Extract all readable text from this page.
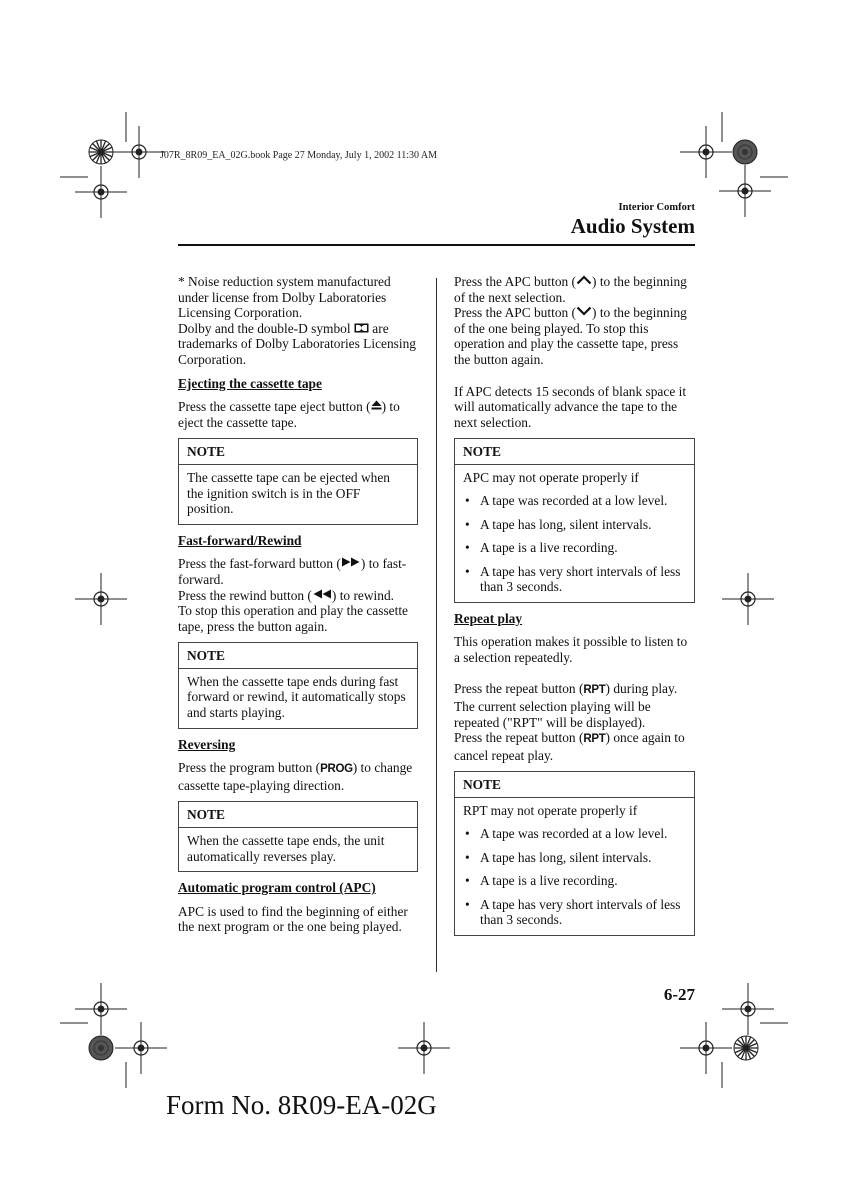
J07R_8R09_EA_02G.book Page 27 Monday, July 1, 2002 11:30 AM
Interior Comfort
Audio System

* Noise reduction system manufactured under license from Dolby Laboratories Licensing Corporation.

Dolby and the double-D symbol are trademarks of Dolby Laboratories Licensing Corporation.

Ejecting the cassette tape

Press the cassette tape eject button ( ) to eject the cassette tape.

NOTE
The cassette tape can be ejected when the ignition switch is in the OFF position.

Fast-forward/Rewind

Press the fast-forward button ( ) to fast-forward.

Press the rewind button ( ) to rewind.

To stop this operation and play the cassette tape, press the button again.

NOTE
When the cassette tape ends during fast forward or rewind, it automatically stops and starts playing.

Reversing

Press the program button (PROG) to change cassette tape-playing direction.

NOTE
When the cassette tape ends, the unit automatically reverses play.

Automatic program control (APC)

APC is used to find the beginning of either the next program or the one being played.

Press the APC button ( ) to the beginning of the next selection.

Press the APC button ( ) to the beginning of the one being played. To stop this operation and play the cassette tape, press the button again.

If APC detects 15 seconds of blank space it will automatically advance the tape to the next selection.

NOTE
APC may not operate properly if
• A tape was recorded at a low level.
• A tape has long, silent intervals.
• A tape is a live recording.
• A tape has very short intervals of less than 3 seconds.

Repeat play

This operation makes it possible to listen to a selection repeatedly.

Press the repeat button (RPT) during play. The current selection playing will be repeated ("RPT" will be displayed).

Press the repeat button (RPT) once again to cancel repeat play.

NOTE
RPT may not operate properly if
• A tape was recorded at a low level.
• A tape has long, silent intervals.
• A tape is a live recording.
• A tape has very short intervals of less than 3 seconds.
6-27
Form No. 8R09-EA-02G
